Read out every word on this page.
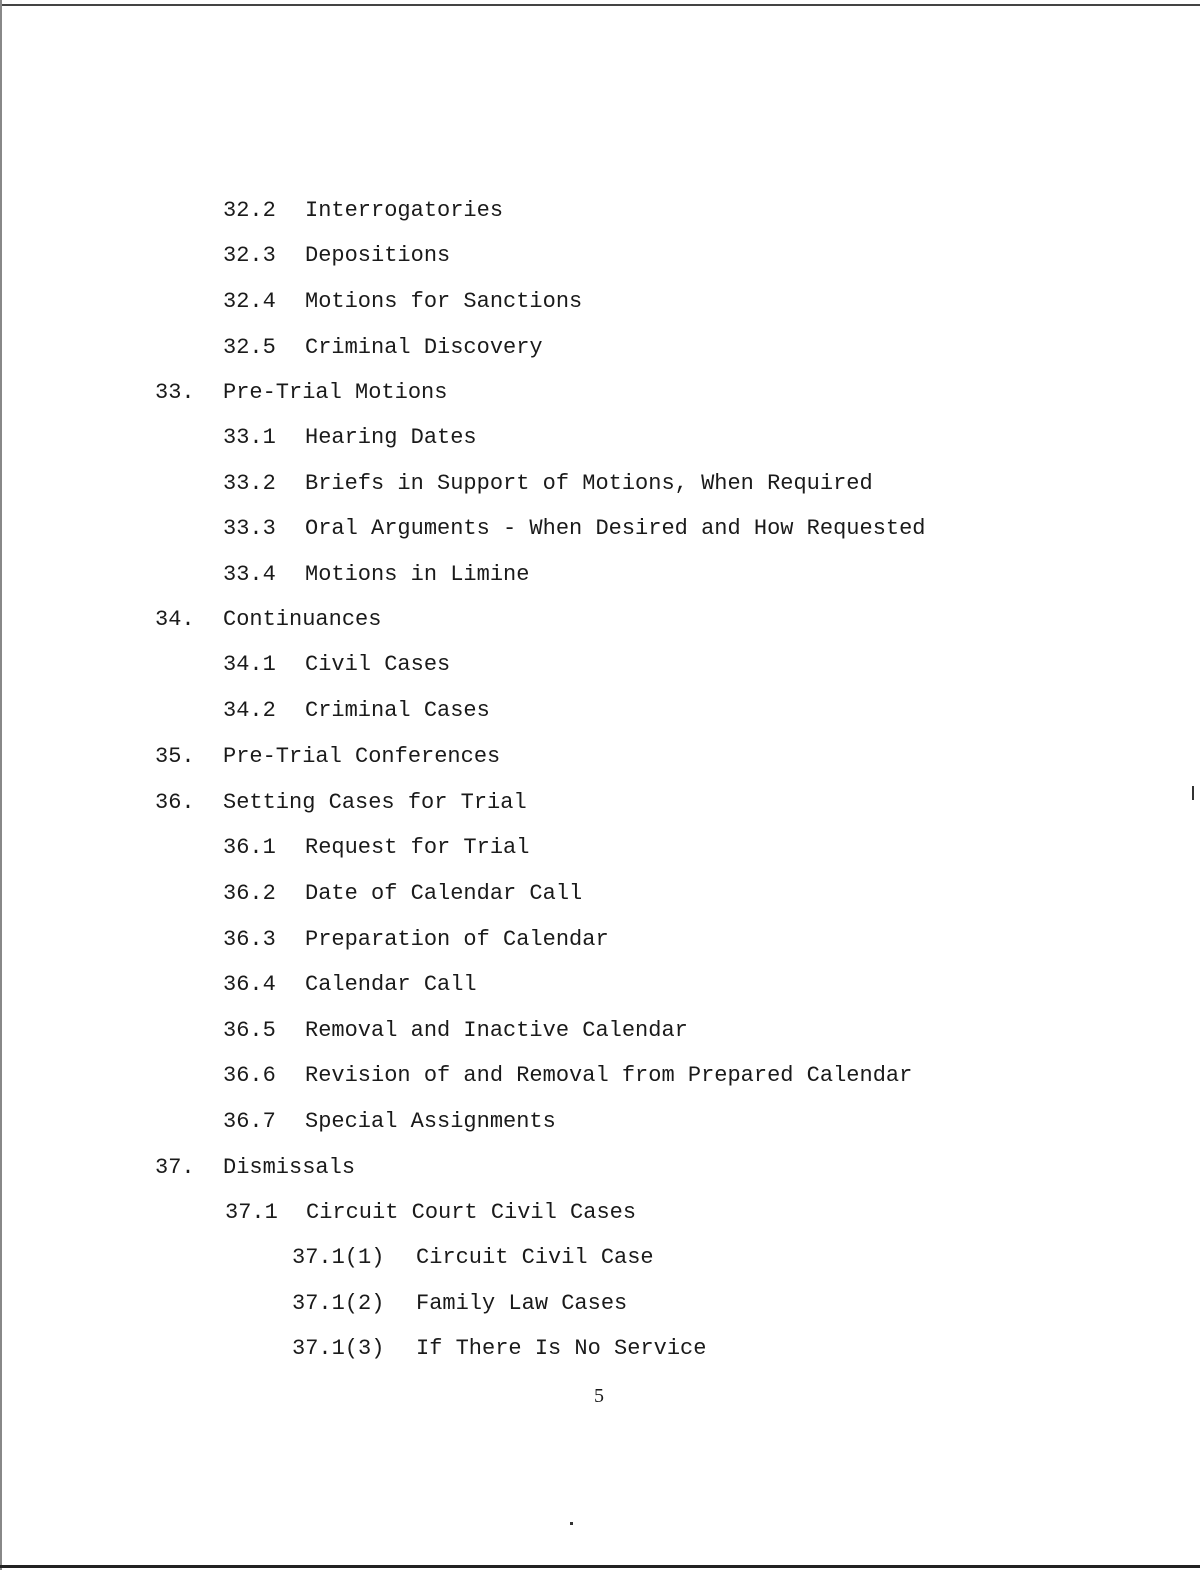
32.2

Interrogatories

32.3

Depositions

32.4

Motions for Sanctions

32.5

Criminal Discovery

33.

Pre-Trial Motions

33.1

Hearing Dates

33.2

Briefs in Support of Motions, When Required

33.3

Oral Arguments - When Desired and How Requested

33.4

Motions in Limine

34.

Continuances

34.1

Civil Cases

34.2

Criminal Cases

35.

Pre-Trial Conferences

36.

Setting Cases for Trial

36.1

Request for Trial

36.2

Date of Calendar Call

36.3

Preparation of Calendar

36.4

Calendar Call

36.5

Removal and Inactive Calendar

36.6

Revision of and Removal from Prepared Calendar

36.7

Special Assignments

37.

Dismissals

37.1

Circuit Court Civil Cases

37.1(1)

Circuit Civil Case

37.1(2)

Family Law Cases

37.1(3)

If There Is No Service

5
